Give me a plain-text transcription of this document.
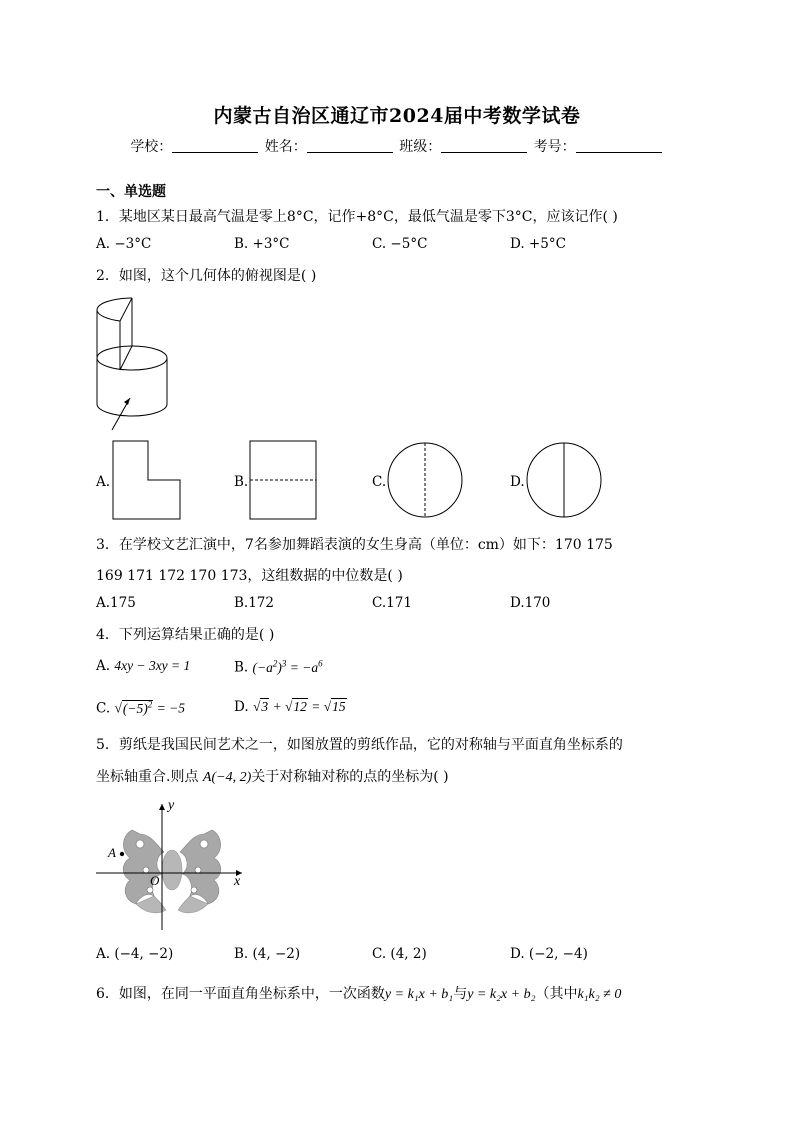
内蒙古自治区通辽市2024届中考数学试卷
学校：	姓名：	班级：	考号：
一、单选题
1．某地区某日最高气温是零上8°C，记作+8°C，最低气温是零下3°C，应该记作( )
A. −3°C	B. +3°C	C. −5°C	D. +5°C
2．如图，这个几何体的俯视图是( )
A.	B.	C.	D.
3．在学校文艺汇演中，7名参加舞蹈表演的女生身高（单位：cm）如下：170 175
169 171 172 170 173，这组数据的中位数是( )
A.175	B.172	C.171	D.170
4．下列运算结果正确的是( )
A. 4xy − 3xy = 1	B. $(-a^2)^3 = -a^6$
C. $√(-5)^2 = -5$	D. √3 + √12 = √15
5．剪纸是我国民间艺术之一，如图放置的剪纸作品，它的对称轴与平面直角坐标系的
坐标轴重合.则点 A(−4, 2)关于对称轴对称的点的坐标为( )
y
x
O
A
A. (−4, −2)	B. (4, −2)	C. (4, 2)	D. (−2, −4)
6．如图，在同一平面直角坐标系中，一次函数y = k₁x + b₁与y = k₂x + b₂（其中k₁k₂ ≠ 0
